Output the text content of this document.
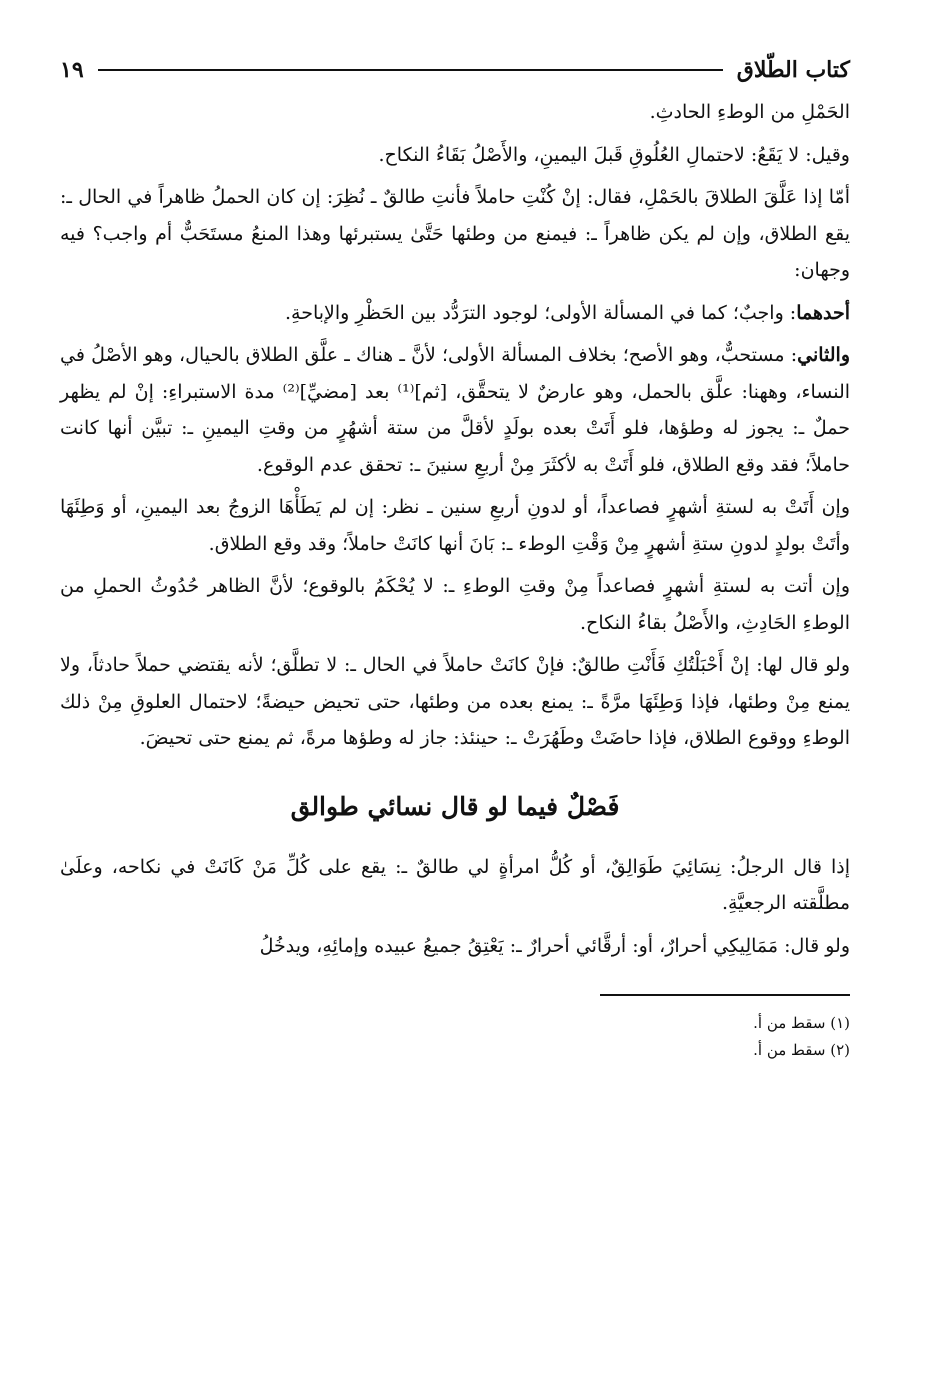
كتاب الطّلاق
١٩

الحَمْلِ من الوطءِ الحادثِ.

وقيل: لا يَقَعُ: لاحتمالِ العُلُوقِ قَبلَ اليمينِ، والأَصْلُ بَقَاءُ النكاح.

أمّا إذا عَلَّقَ الطلاقَ بالحَمْلِ، فقال: إنْ كُنْتِ حاملاً فأنتِ طالقٌ ـ نُظِرَ: إن كان الحملُ ظاهراً في الحال ـ: يقع الطلاق، وإن لم يكن ظاهراً ـ: فيمنع من وطئها حَتَّىٰ يستبرئها وهذا المنعُ مستَحَبٌّ أم واجب؟ فيه وجهان:

أحدهما: واجبٌ؛ كما في المسألة الأولى؛ لوجود الترَدُّد بين الحَظْرِ والإباحةِ.

والثاني: مستحبٌّ، وهو الأصح؛ بخلاف المسألة الأولى؛ لأنَّ ـ هناك ـ علَّق الطلاق بالحيال، وهو الأصْلُ في النساء، وههنا: علَّق بالحمل، وهو عارضٌ لا يتحقَّق، [ثم]⁽¹⁾ بعد [مضيِّ]⁽²⁾ مدة الاستبراءِ: إنْ لم يظهر حملٌ ـ: يجوز له وطؤها، فلو أَتَتْ بعده بولَدٍ لأقلَّ من ستة أشهُرٍ من وقتِ اليمينِ ـ: تبيَّن أنها كانت حاملاً؛ فقد وقع الطلاق، فلو أَتَتْ به لأكثَرَ مِنْ أربعِ سنينَ ـ: تحقق عدم الوقوع.

وإن أَتَتْ به لستةِ أشهرٍ فصاعداً، أو لدونِ أربعِ سنين ـ نظر: إن لم يَطَأْهَا الزوجُ بعد اليمينِ، أو وَطِئَهَا وأتَتْ بولدٍ لدونِ ستةِ أشهرٍ مِنْ وَقْتِ الوطء ـ: بَانَ أنها كانَتْ حاملاً؛ وقد وقع الطلاق.

وإن أتت به لستةِ أشهرٍ فصاعداً مِنْ وقتِ الوطءِ ـ: لا يُحْكَمُ بالوقوع؛ لأنَّ الظاهر حُدُوثُ الحملِ من الوطءِ الحَادِثِ، والأَصْلُ بقاءُ النكاح.

ولو قال لها: إنْ أَحْبَلْتُكِ فَأَنْتِ طالقٌ: فإنْ كانَتْ حاملاً في الحال ـ: لا تطلَّق؛ لأنه يقتضي حملاً حادثاً، ولا يمنع مِنْ وطئها، فإذا وَطِئَهَا مرَّةً ـ: يمنع بعده من وطئها، حتى تحيض حيضةً؛ لاحتمال العلوقِ مِنْ ذلك الوطءِ ووقوع الطلاق، فإذا حاضَتْ وطَهُرَتْ ـ: حينئذ: جاز له وطؤها مرةً، ثم يمنع حتى تحيضَ.

فَصْلٌ فيما لو قال نسائي طوالق

إذا قال الرجلُ: نِسَائِيَ طَوَالِقٌ، أو كُلُّ امرأةٍ لي طالقٌ ـ: يقع على كُلِّ مَنْ كَانَتْ في نكاحه، وعلَىٰ مطلَّقته الرجعيَّةِ.

ولو قال: مَمَالِيكِي أحرارٌ، أو: أرقَّائي أحرارٌ ـ: يَعْتِقُ جميعُ عبيده وإمائِهِ، ويدخُلُ

(١) سقط من أ.
(٢) سقط من أ.
